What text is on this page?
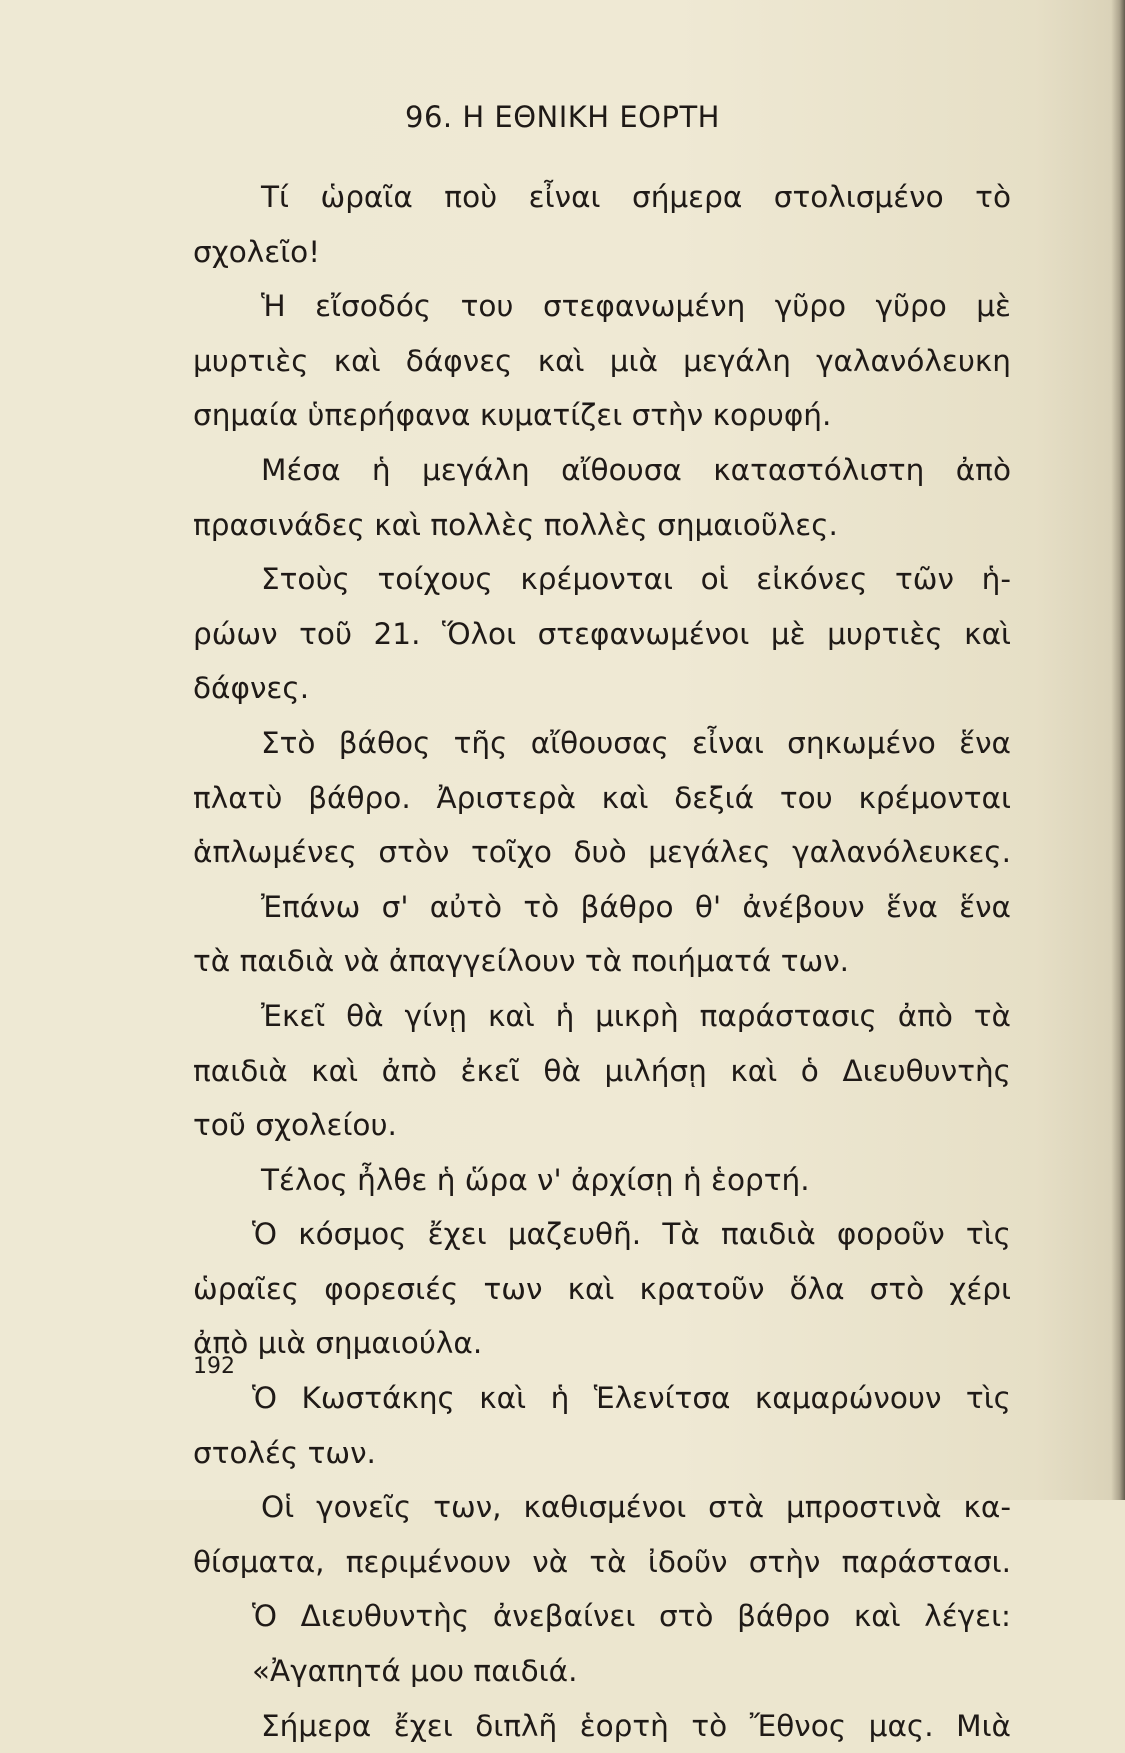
96. Η ΕΘΝΙΚΗ ΕΟΡΤΗ
Τί ὡραῖα ποὺ εἶναι σήμερα στολισμένο τὸ
σχολεῖο!
Ἡ εἴσοδός του στεφανωμένη γῦρο γῦρο μὲ
μυρτιὲς καὶ δάφνες καὶ μιὰ μεγάλη γαλανόλευκη
σημαία ὑπερήφανα κυματίζει στὴν κορυφή.
Μέσα ἡ μεγάλη αἴθουσα καταστόλιστη ἀπὸ
πρασινάδες καὶ πολλὲς πολλὲς σημαιοῦλες.
Στοὺς τοίχους κρέμονται οἱ εἰκόνες τῶν ἡ-
ρώων τοῦ 21. Ὅλοι στεφανωμένοι μὲ μυρτιὲς καὶ
δάφνες.
Στὸ βάθος τῆς αἴθουσας εἶναι σηκωμένο ἕνα
πλατὺ βάθρο. Ἀριστερὰ καὶ δεξιά του κρέμονται
ἁπλωμένες στὸν τοῖχο δυὸ μεγάλες γαλανόλευκες.
Ἐπάνω σ' αὐτὸ τὸ βάθρο θ' ἀνέβουν ἕνα ἕνα
τὰ παιδιὰ νὰ ἀπαγγείλουν τὰ ποιήματά των.
Ἐκεῖ θὰ γίνῃ καὶ ἡ μικρὴ παράστασις ἀπὸ τὰ
παιδιὰ καὶ ἀπὸ ἐκεῖ θὰ μιλήσῃ καὶ ὁ Διευθυντὴς
τοῦ σχολείου.
Τέλος ἦλθε ἡ ὥρα ν' ἀρχίσῃ ἡ ἑορτή.
Ὁ κόσμος ἔχει μαζευθῆ. Τὰ παιδιὰ φοροῦν τὶς
ὡραῖες φορεσιές των καὶ κρατοῦν ὅλα στὸ χέρι
ἀπὸ μιὰ σημαιούλα.
Ὁ Κωστάκης καὶ ἡ Ἑλενίτσα καμαρώνουν τὶς
στολές των.
Οἱ γονεῖς των, καθισμένοι στὰ μπροστινὰ κα-
θίσματα, περιμένουν νὰ τὰ ἰδοῦν στὴν παράστασι.
Ὁ Διευθυντὴς ἀνεβαίνει στὸ βάθρο καὶ λέγει:
«Ἀγαπητά μου παιδιά.
Σήμερα ἔχει διπλῆ ἑορτὴ τὸ Ἔθνος μας. Μιὰ
192
